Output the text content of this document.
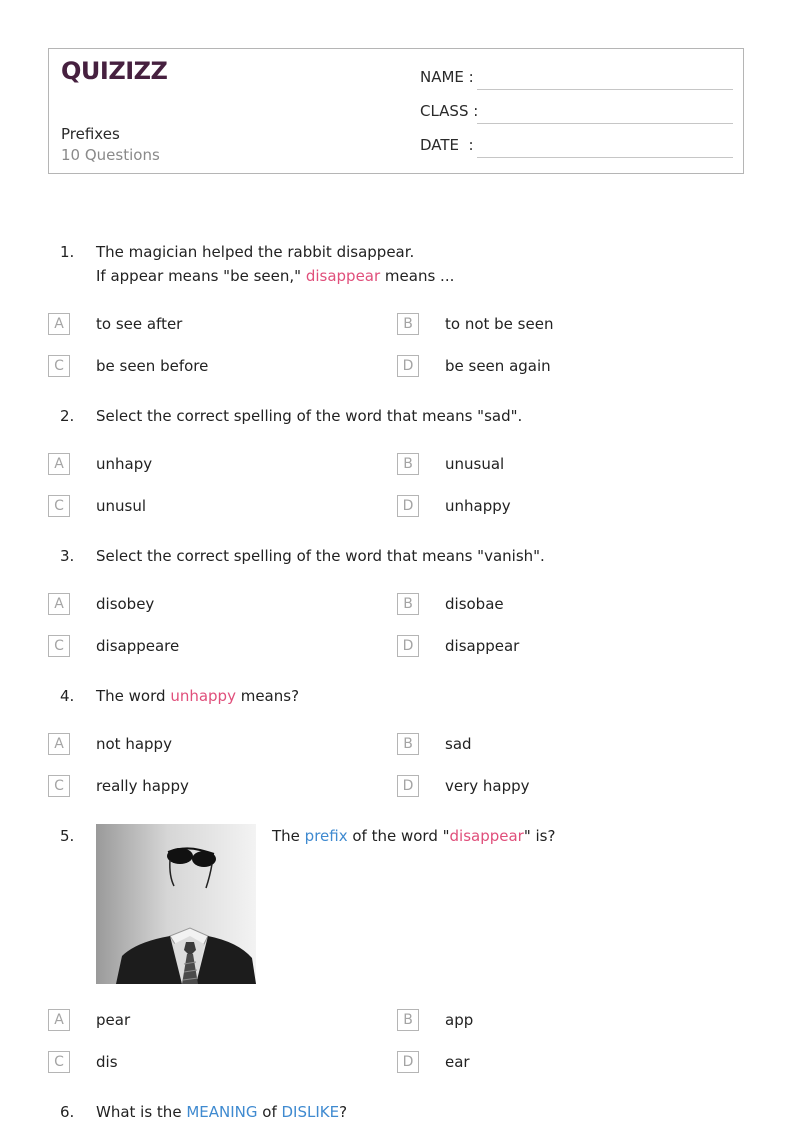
QUIZIZZ
Prefixes
10 Questions
NAME :
CLASS :
DATE  :
1. The magician helped the rabbit disappear.
If appear means "be seen," disappear means ...
A	to see after	B	to not be seen
C	be seen before	D	be seen again
2. Select the correct spelling of the word that means "sad".
A	unhapy	B	unusual
C	unusul	D	unhappy
3. Select the correct spelling of the word that means "vanish".
A	disobey	B	disobae
C	disappeare	D	disappear
4. The word unhappy means?
A	not happy	B	sad
C	really happy	D	very happy
5.	The prefix of the word "disappear" is?
A	pear	B	app
C	dis	D	ear
6. What is the MEANING of DISLIKE?
